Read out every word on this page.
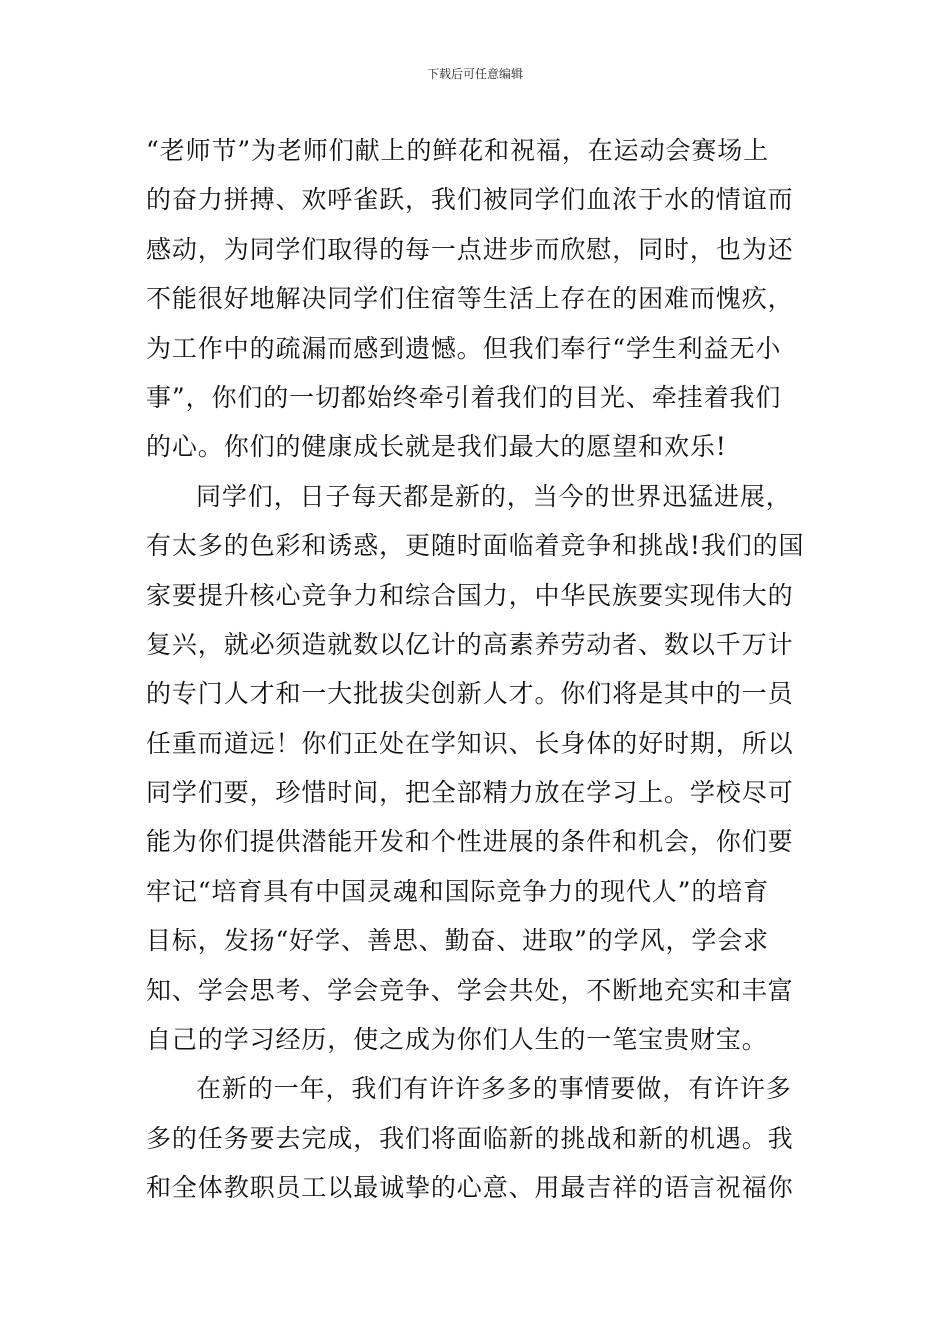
下载后可任意编辑
“老师节”为老师们献上的鲜花和祝福，在运动会赛场上
的奋力拼搏、欢呼雀跃，我们被同学们血浓于水的情谊而
感动，为同学们取得的每一点进步而欣慰，同时，也为还
不能很好地解决同学们住宿等生活上存在的困难而愧疚，
为工作中的疏漏而感到遗憾。但我们奉行“学生利益无小
事”，你们的一切都始终牵引着我们的目光、牵挂着我们
的心。你们的健康成长就是我们最大的愿望和欢乐!
同学们，日子每天都是新的，当今的世界迅猛进展，
有太多的色彩和诱惑，更随时面临着竞争和挑战!我们的国
家要提升核心竞争力和综合国力，中华民族要实现伟大的
复兴，就必须造就数以亿计的高素养劳动者、数以千万计
的专门人才和一大批拔尖创新人才。你们将是其中的一员
任重而道远！你们正处在学知识、长身体的好时期，所以
同学们要，珍惜时间，把全部精力放在学习上。学校尽可
能为你们提供潜能开发和个性进展的条件和机会，你们要
牢记“培育具有中国灵魂和国际竞争力的现代人”的培育
目标，发扬“好学、善思、勤奋、进取”的学风，学会求
知、学会思考、学会竞争、学会共处，不断地充实和丰富
自己的学习经历，使之成为你们人生的一笔宝贵财宝。
在新的一年，我们有许许多多的事情要做，有许许多
多的任务要去完成，我们将面临新的挑战和新的机遇。我
和全体教职员工以最诚挚的心意、用最吉祥的语言祝福你
